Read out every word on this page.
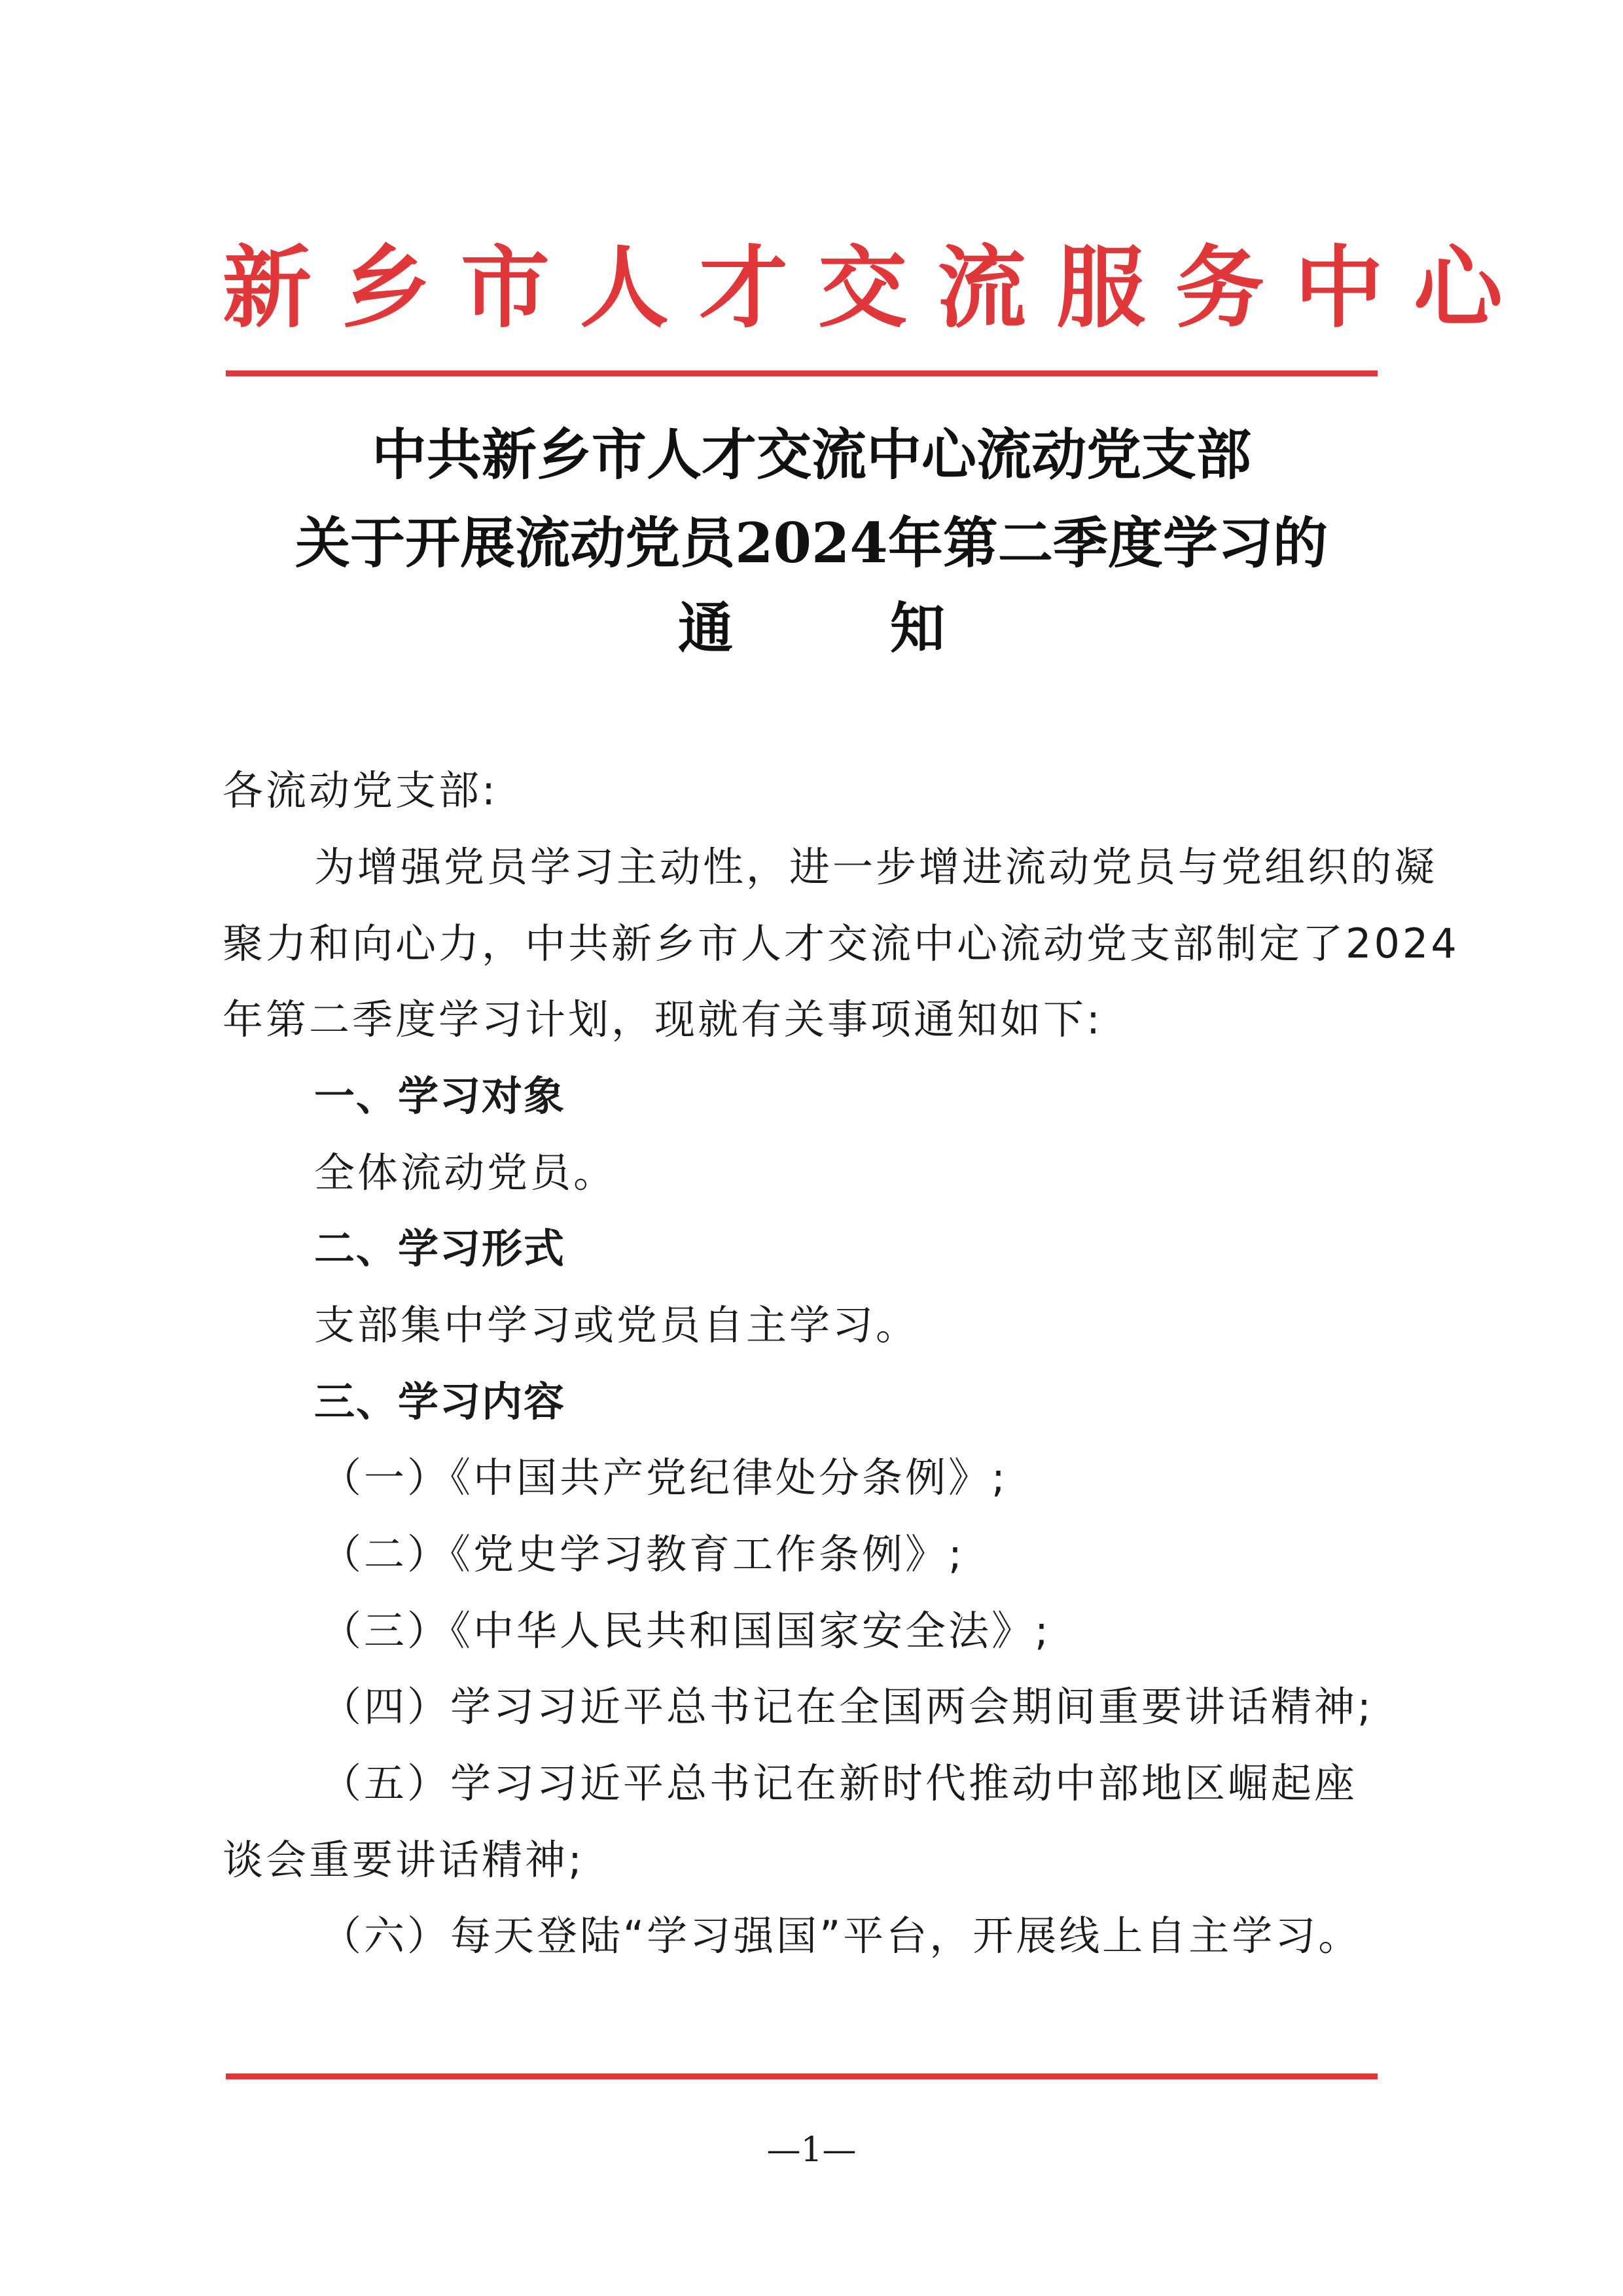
新乡市人才交流服务中心
中共新乡市人才交流中心流动党支部
关于开展流动党员2024年第二季度学习的
通知
各流动党支部:
为增强党员学习主动性，进一步增进流动党员与党组织的凝
聚力和向心力，中共新乡市人才交流中心流动党支部制定了2024
年第二季度学习计划，现就有关事项通知如下:
一、学习对象
全体流动党员。
二、学习形式
支部集中学习或党员自主学习。
三、学习内容
（一）《中国共产党纪律处分条例》;
（二）《党史学习教育工作条例》;
（三）《中华人民共和国国家安全法》;
（四）学习习近平总书记在全国两会期间重要讲话精神;
（五）学习习近平总书记在新时代推动中部地区崛起座
谈会重要讲话精神;
（六）每天登陆“学习强国”平台，开展线上自主学习。
—1—
